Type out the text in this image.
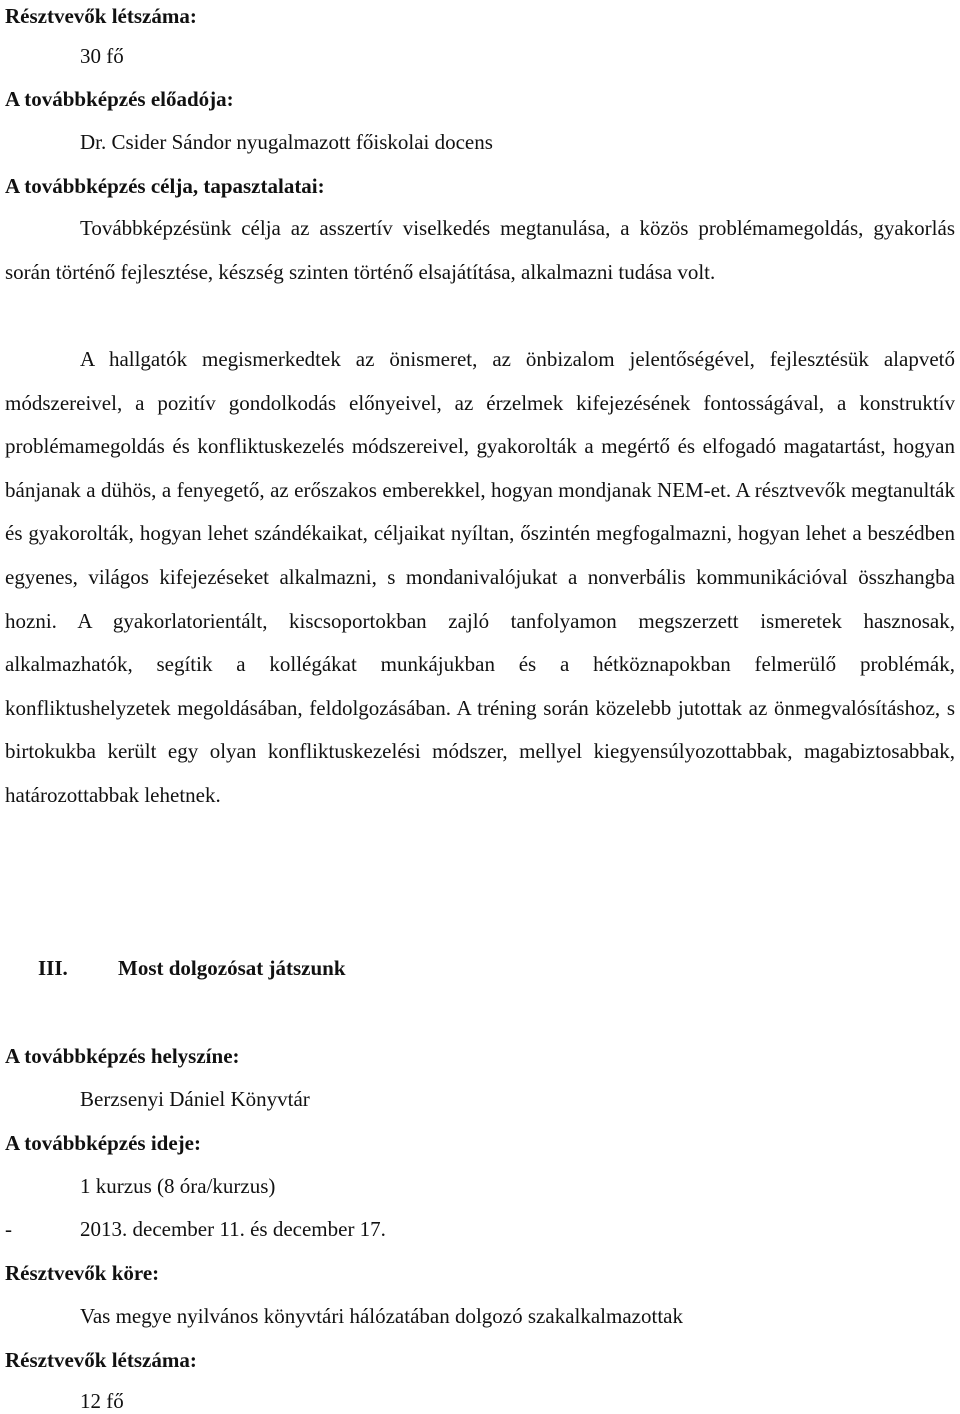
Résztvevők létszáma:
30 fő
A továbbképzés előadója:
Dr. Csider Sándor nyugalmazott főiskolai docens
A továbbképzés célja, tapasztalatai:

Továbbképzésünk célja az asszertív viselkedés megtanulása, a közös problémamegoldás, gyakorlás során történő fejlesztése, készség szinten történő elsajátítása, alkalmazni tudása volt.

A hallgatók megismerkedtek az önismeret, az önbizalom jelentőségével, fejlesztésük alapvető módszereivel, a pozitív gondolkodás előnyeivel, az érzelmek kifejezésének fontosságával, a konstruktív problémamegoldás és konfliktuskezelés módszereivel, gyakorolták a megértő és elfogadó magatartást, hogyan bánjanak a dühös, a fenyegető, az erőszakos emberekkel, hogyan mondjanak NEM-et. A résztvevők megtanulták és gyakorolták, hogyan lehet szándékaikat, céljaikat nyíltan, őszintén megfogalmazni, hogyan lehet a beszédben egyenes, világos kifejezéseket alkalmazni, s mondanivalójukat a nonverbális kommunikációval összhangba hozni. A gyakorlatorientált, kiscsoportokban zajló tanfolyamon megszerzett ismeretek hasznosak, alkalmazhatók, segítik a kollégákat munkájukban és a hétköznapokban felmerülő problémák, konfliktushelyzetek megoldásában, feldolgozásában. A tréning során közelebb jutottak az önmegvalósításhoz, s birtokukba került egy olyan konfliktuskezelési módszer, mellyel kiegyensúlyozottabbak, magabiztosabbak, határozottabbak lehetnek.

III. Most dolgozósat játszunk
A továbbképzés helyszíne:
Berzsenyi Dániel Könyvtár
A továbbképzés ideje:
1 kurzus (8 óra/kurzus)
-	2013. december 11. és december 17.
Résztvevők köre:
Vas megye nyilvános könyvtári hálózatában dolgozó szakalkalmazottak
Résztvevők létszáma:
12 fő
